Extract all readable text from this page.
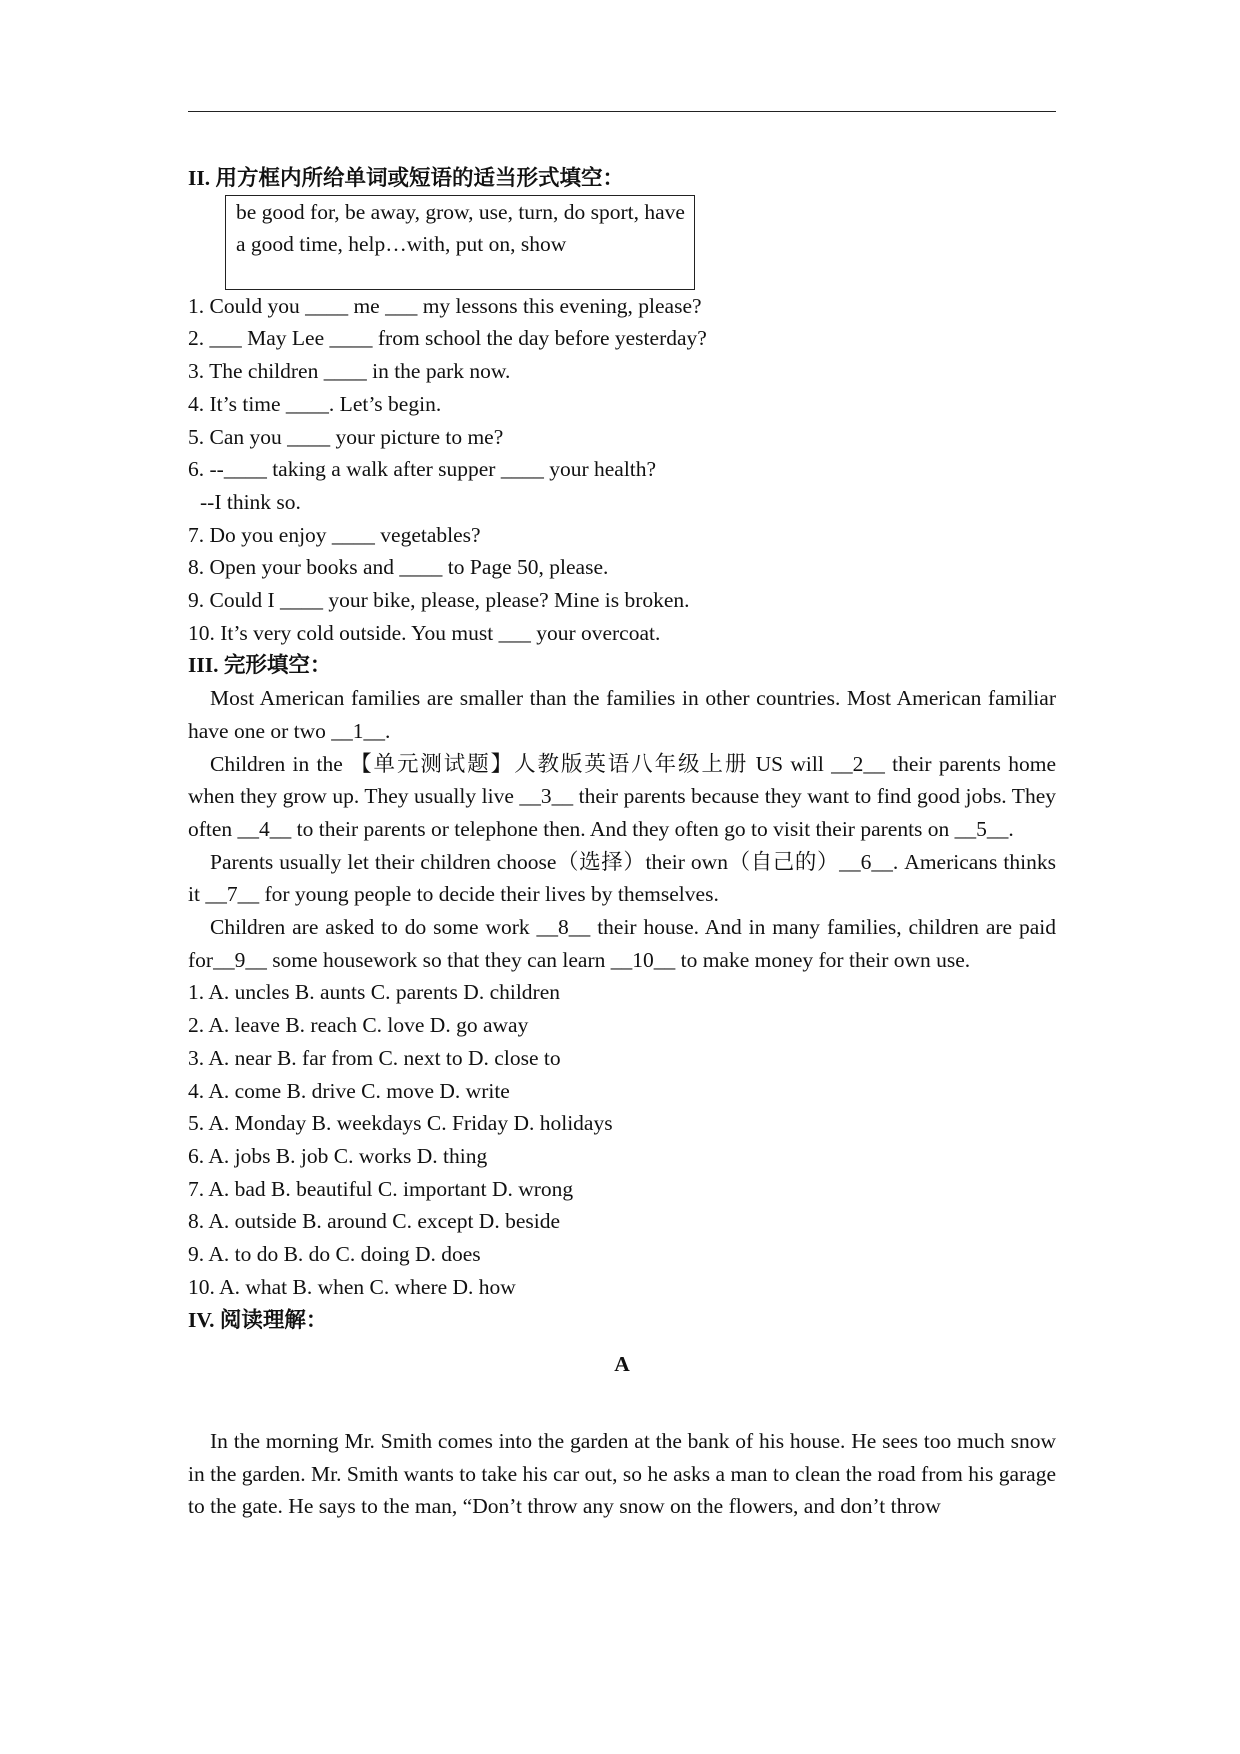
II. 用方框内所给单词或短语的适当形式填空：
be good for, be away, grow, use, turn, do sport, have
a good time, help…with, put on, show
1. Could you ____ me ___ my lessons this evening, please?
2. ___ May Lee ____ from school the day before yesterday?
3. The children ____ in the park now.
4. It’s time ____. Let’s begin.
5. Can you ____ your picture to me?
6. --____ taking a walk after supper ____ your health?
--I think so.
7. Do you enjoy ____ vegetables?
8. Open your books and ____ to Page 50, please.
9. Could I ____ your bike, please, please? Mine is broken.
10. It’s very cold outside. You must ___ your overcoat.
III. 完形填空：
Most American families are smaller than the families in other countries. Most American familiar have one or two __1__.
Children in the 【单元测试题】人教版英语八年级上册 US will __2__ their parents home when they grow up. They usually live __3__ their parents because they want to find good jobs. They often __4__ to their parents or telephone then. And they often go to visit their parents on __5__.
Parents usually let their children choose（选择）their own（自己的）__6__. Americans thinks it __7__ for young people to decide their lives by themselves.
Children are asked to do some work __8__ their house. And in many families, children are paid for__9__ some housework so that they can learn __10__ to make money for their own use.
1. A. uncles B. aunts C. parents D. children
2. A. leave B. reach C. love D. go away
3. A. near B. far from C. next to D. close to
4. A. come B. drive C. move D. write
5. A. Monday B. weekdays C. Friday D. holidays
6. A. jobs B. job C. works D. thing
7. A. bad B. beautiful C. important D. wrong
8. A. outside B. around C. except D. beside
9. A. to do B. do C. doing D. does
10. A. what B. when C. where D. how
IV. 阅读理解：
A
In the morning Mr. Smith comes into the garden at the bank of his house. He sees too much snow in the garden. Mr. Smith wants to take his car out, so he asks a man to clean the road from his garage to the gate. He says to the man, “Don’t throw any snow on the flowers, and don’t throw
